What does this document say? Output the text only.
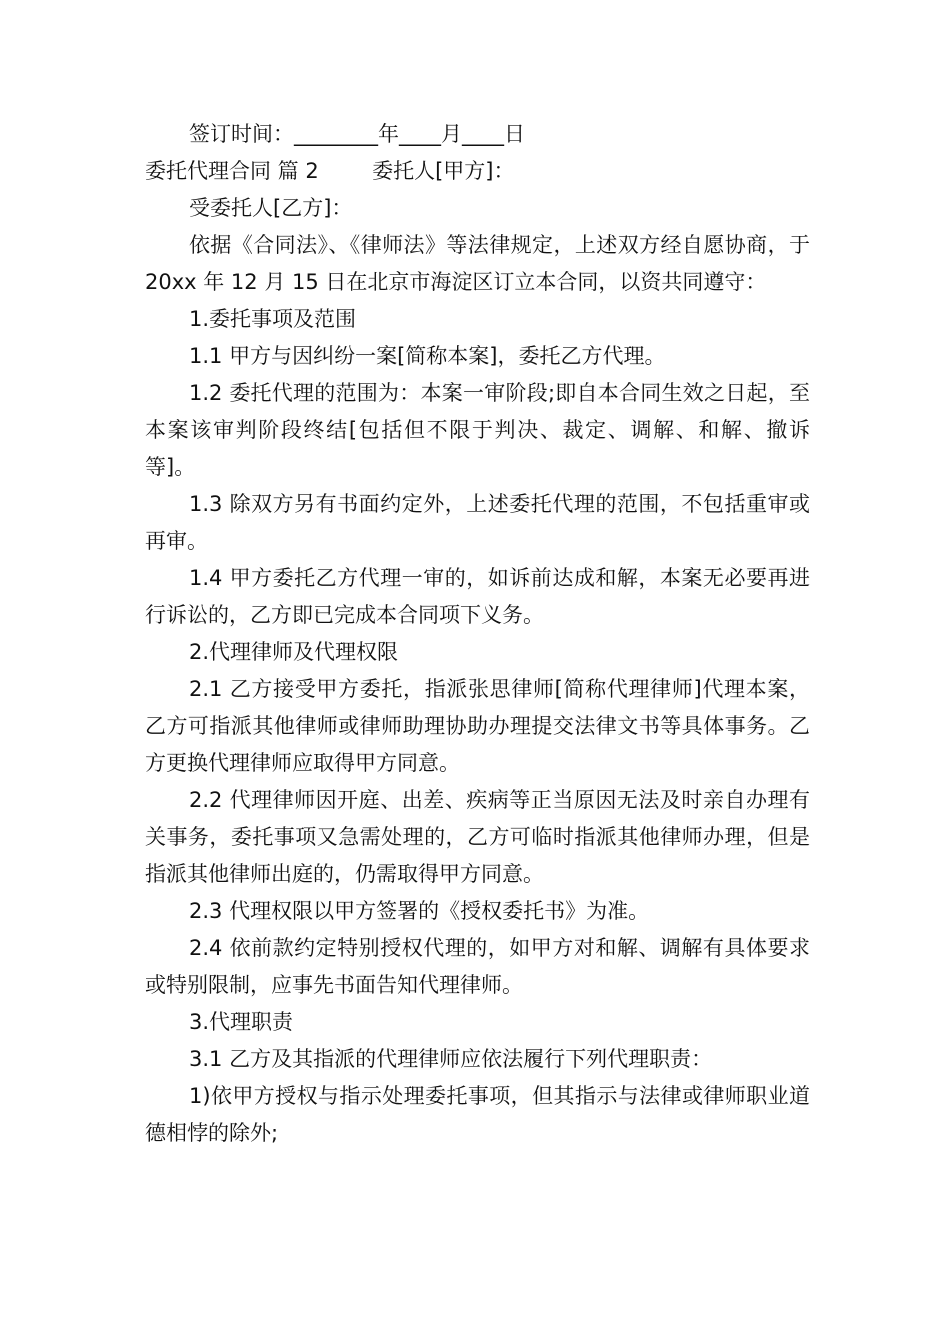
签订时间：________年____月____日

委托代理合同 篇 2        委托人[甲方]：

受委托人[乙方]：

依据《合同法》、《律师法》等法律规定，上述双方经自愿协商，于 20xx 年 12 月 15 日在北京市海淀区订立本合同，以资共同遵守：

1.委托事项及范围

1.1 甲方与因纠纷一案[简称本案]，委托乙方代理。

1.2 委托代理的范围为：本案一审阶段;即自本合同生效之日起，至本案该审判阶段终结[包括但不限于判决、裁定、调解、和解、撤诉等]。

1.3 除双方另有书面约定外，上述委托代理的范围，不包括重审或再审。

1.4 甲方委托乙方代理一审的，如诉前达成和解，本案无必要再进行诉讼的，乙方即已完成本合同项下义务。

2.代理律师及代理权限

2.1 乙方接受甲方委托，指派张思律师[简称代理律师]代理本案，乙方可指派其他律师或律师助理协助办理提交法律文书等具体事务。乙方更换代理律师应取得甲方同意。

2.2 代理律师因开庭、出差、疾病等正当原因无法及时亲自办理有关事务，委托事项又急需处理的，乙方可临时指派其他律师办理，但是指派其他律师出庭的，仍需取得甲方同意。

2.3 代理权限以甲方签署的《授权委托书》为准。

2.4 依前款约定特别授权代理的，如甲方对和解、调解有具体要求或特别限制，应事先书面告知代理律师。

3.代理职责

3.1 乙方及其指派的代理律师应依法履行下列代理职责：

1)依甲方授权与指示处理委托事项，但其指示与法律或律师职业道德相悖的除外;
